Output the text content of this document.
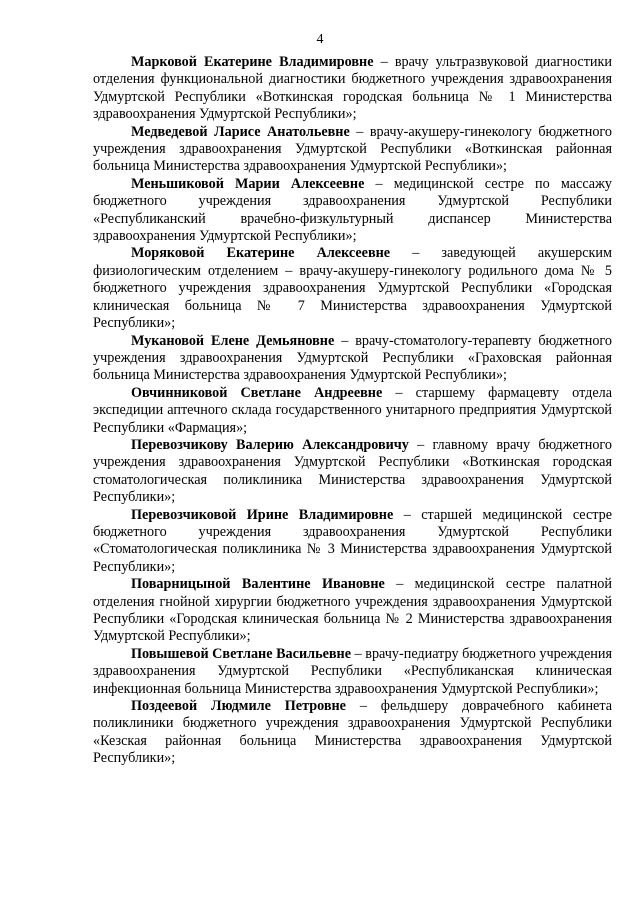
4

Марковой Екатерине Владимировне – врачу ультразвуковой диагностики отделения функциональной диагностики бюджетного учреждения здравоохранения Удмуртской Республики «Воткинская городская больница № 1 Министерства здравоохранения Удмуртской Республики»;

Медведевой Ларисе Анатольевне – врачу-акушеру-гинекологу бюджетного учреждения здравоохранения Удмуртской Республики «Воткинская районная больница Министерства здравоохранения Удмуртской Республики»;

Меньшиковой Марии Алексеевне – медицинской сестре по массажу бюджетного учреждения здравоохранения Удмуртской Республики «Республиканский врачебно-физкультурный диспансер Министерства здравоохранения Удмуртской Республики»;

Моряковой Екатерине Алексеевне – заведующей акушерским физиологическим отделением – врачу-акушеру-гинекологу родильного дома № 5 бюджетного учреждения здравоохранения Удмуртской Республики «Городская клиническая больница № 7 Министерства здравоохранения Удмуртской Республики»;

Мукановой Елене Демьяновне – врачу-стоматологу-терапевту бюджетного учреждения здравоохранения Удмуртской Республики «Граховская районная больница Министерства здравоохранения Удмуртской Республики»;

Овчинниковой Светлане Андреевне – старшему фармацевту отдела экспедиции аптечного склада государственного унитарного предприятия Удмуртской Республики «Фармация»;

Перевозчикову Валерию Александровичу – главному врачу бюджетного учреждения здравоохранения Удмуртской Республики «Воткинская городская стоматологическая поликлиника Министерства здравоохранения Удмуртской Республики»;

Перевозчиковой Ирине Владимировне – старшей медицинской сестре бюджетного учреждения здравоохранения Удмуртской Республики «Стоматологическая поликлиника № 3 Министерства здравоохранения Удмуртской Республики»;

Поварницыной Валентине Ивановне – медицинской сестре палатной отделения гнойной хирургии бюджетного учреждения здравоохранения Удмуртской Республики «Городская клиническая больница № 2 Министерства здравоохранения Удмуртской Республики»;

Повышевой Светлане Васильевне – врачу-педиатру бюджетного учреждения здравоохранения Удмуртской Республики «Республиканская клиническая инфекционная больница Министерства здравоохранения Удмуртской Республики»;

Поздеевой Людмиле Петровне – фельдшеру доврачебного кабинета поликлиники бюджетного учреждения здравоохранения Удмуртской Республики «Кезская районная больница Министерства здравоохранения Удмуртской Республики»;
